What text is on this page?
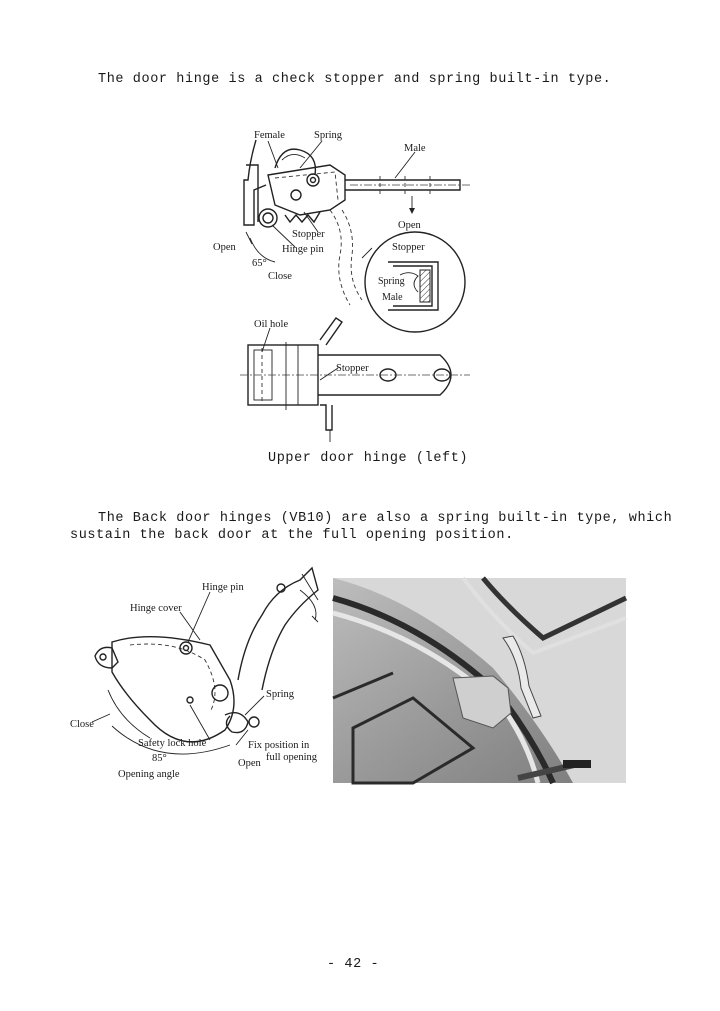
The door hinge is a check stopper and spring built-in type.
Female	Spring
Male
Open
Stopper
Hinge pin
Open
65°
Close
Stopper
Spring
Male
Oil hole
Stopper
Upper door hinge (left)
The Back door hinges (VB10) are also a spring built-in type, which
sustain the back door at the full opening position.
Hinge pin
Hinge cover
Spring
Close
Safety lock hole
85°
Opening angle
Fix position in
full opening
Open
- 42 -
